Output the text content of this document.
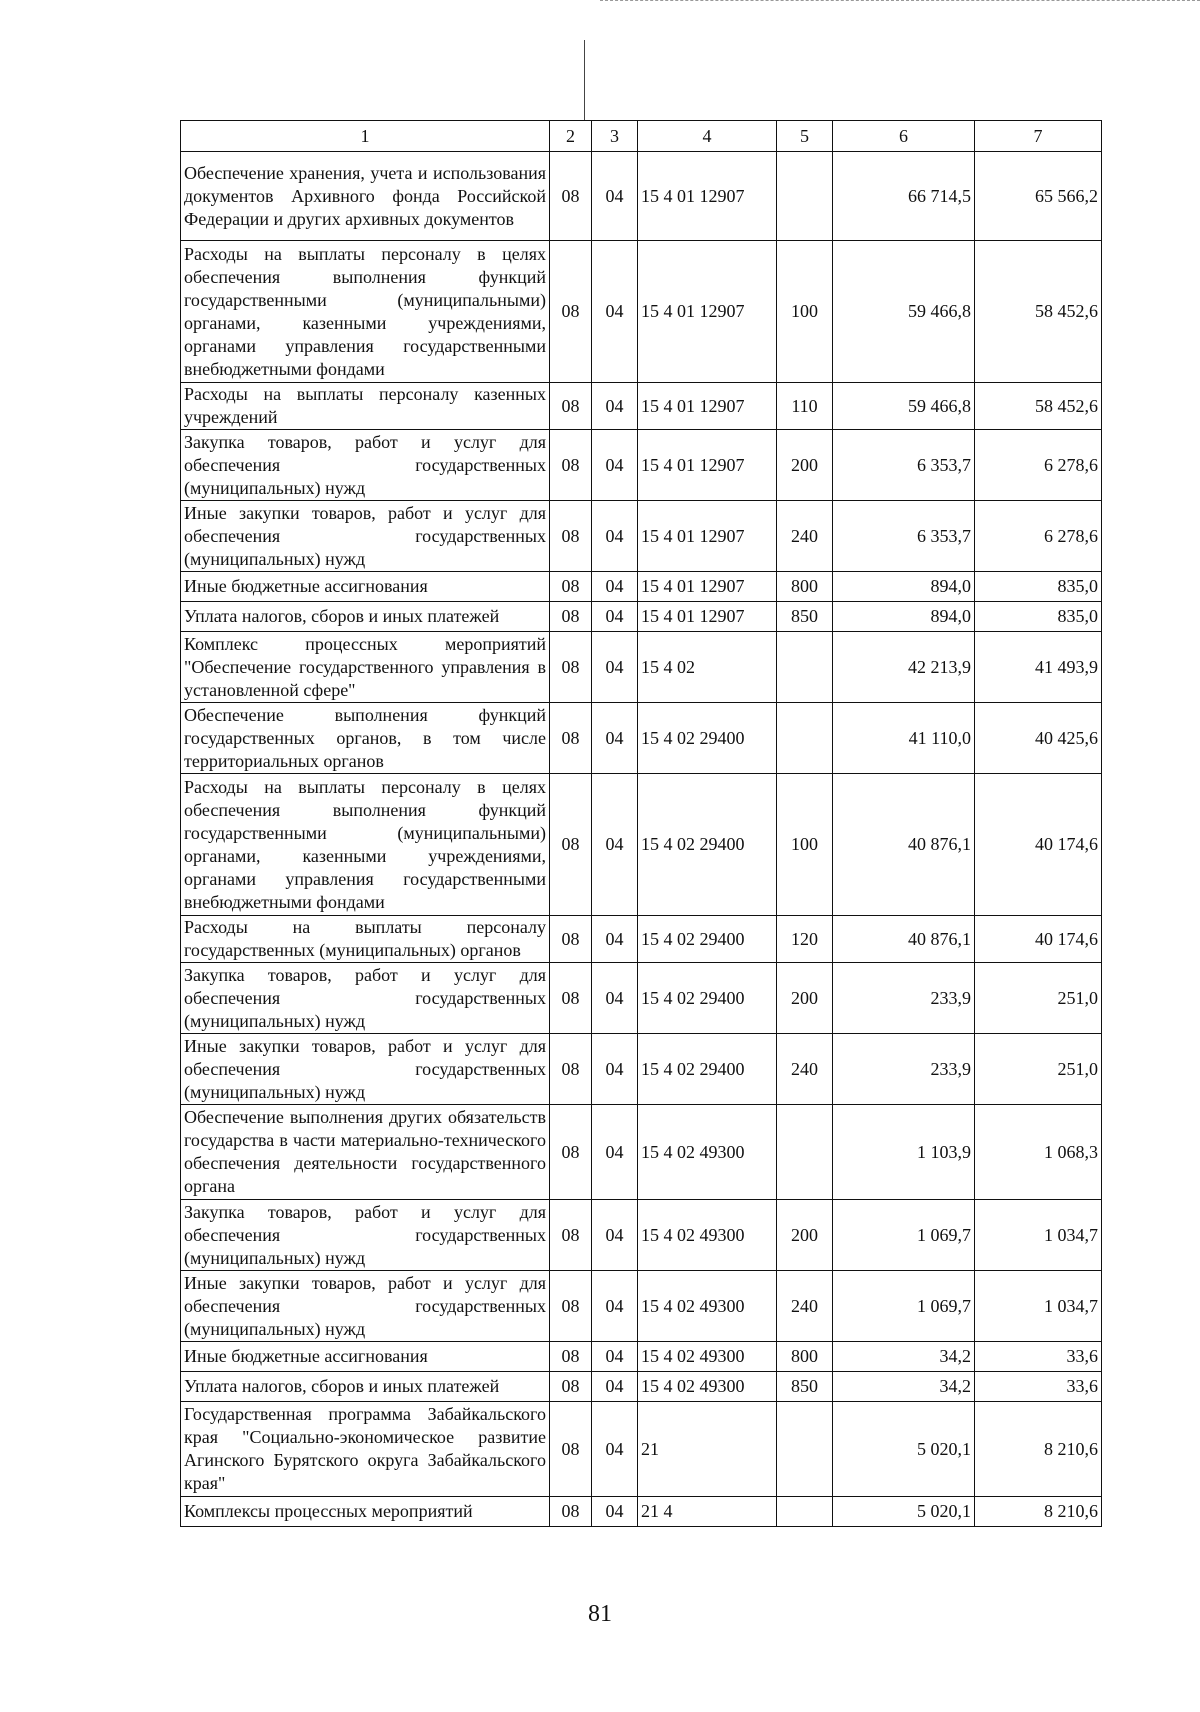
1	2	3	4	5	6	7
Обеспечение хранения, учета и использования документов Архивного фонда Российской Федерации и других архивных документов	08	04	15 4 01 12907		66 714,5	65 566,2
Расходы на выплаты персоналу в целях обеспечения выполнения функций государственными (муниципальными) органами, казенными учреждениями, органами управления государственными внебюджетными фондами	08	04	15 4 01 12907	100	59 466,8	58 452,6
Расходы на выплаты персоналу казенных учреждений	08	04	15 4 01 12907	110	59 466,8	58 452,6
Закупка товаров, работ и услуг для обеспечения государственных (муниципальных) нужд	08	04	15 4 01 12907	200	6 353,7	6 278,6
Иные закупки товаров, работ и услуг для обеспечения государственных (муниципальных) нужд	08	04	15 4 01 12907	240	6 353,7	6 278,6
Иные бюджетные ассигнования	08	04	15 4 01 12907	800	894,0	835,0
Уплата налогов, сборов и иных платежей	08	04	15 4 01 12907	850	894,0	835,0
Комплекс процессных мероприятий "Обеспечение государственного управления в установленной сфере"	08	04	15 4 02		42 213,9	41 493,9
Обеспечение выполнения функций государственных органов, в том числе территориальных органов	08	04	15 4 02 29400		41 110,0	40 425,6
Расходы на выплаты персоналу в целях обеспечения выполнения функций государственными (муниципальными) органами, казенными учреждениями, органами управления государственными внебюджетными фондами	08	04	15 4 02 29400	100	40 876,1	40 174,6
Расходы на выплаты персоналу государственных (муниципальных) органов	08	04	15 4 02 29400	120	40 876,1	40 174,6
Закупка товаров, работ и услуг для обеспечения государственных (муниципальных) нужд	08	04	15 4 02 29400	200	233,9	251,0
Иные закупки товаров, работ и услуг для обеспечения государственных (муниципальных) нужд	08	04	15 4 02 29400	240	233,9	251,0
Обеспечение выполнения других обязательств государства в части материально-технического обеспечения деятельности государственного органа	08	04	15 4 02 49300		1 103,9	1 068,3
Закупка товаров, работ и услуг для обеспечения государственных (муниципальных) нужд	08	04	15 4 02 49300	200	1 069,7	1 034,7
Иные закупки товаров, работ и услуг для обеспечения государственных (муниципальных) нужд	08	04	15 4 02 49300	240	1 069,7	1 034,7
Иные бюджетные ассигнования	08	04	15 4 02 49300	800	34,2	33,6
Уплата налогов, сборов и иных платежей	08	04	15 4 02 49300	850	34,2	33,6
Государственная программа Забайкальского края "Социально-экономическое развитие Агинского Бурятского округа Забайкальского края"	08	04	21		5 020,1	8 210,6
Комплексы процессных мероприятий	08	04	21 4		5 020,1	8 210,6
81
